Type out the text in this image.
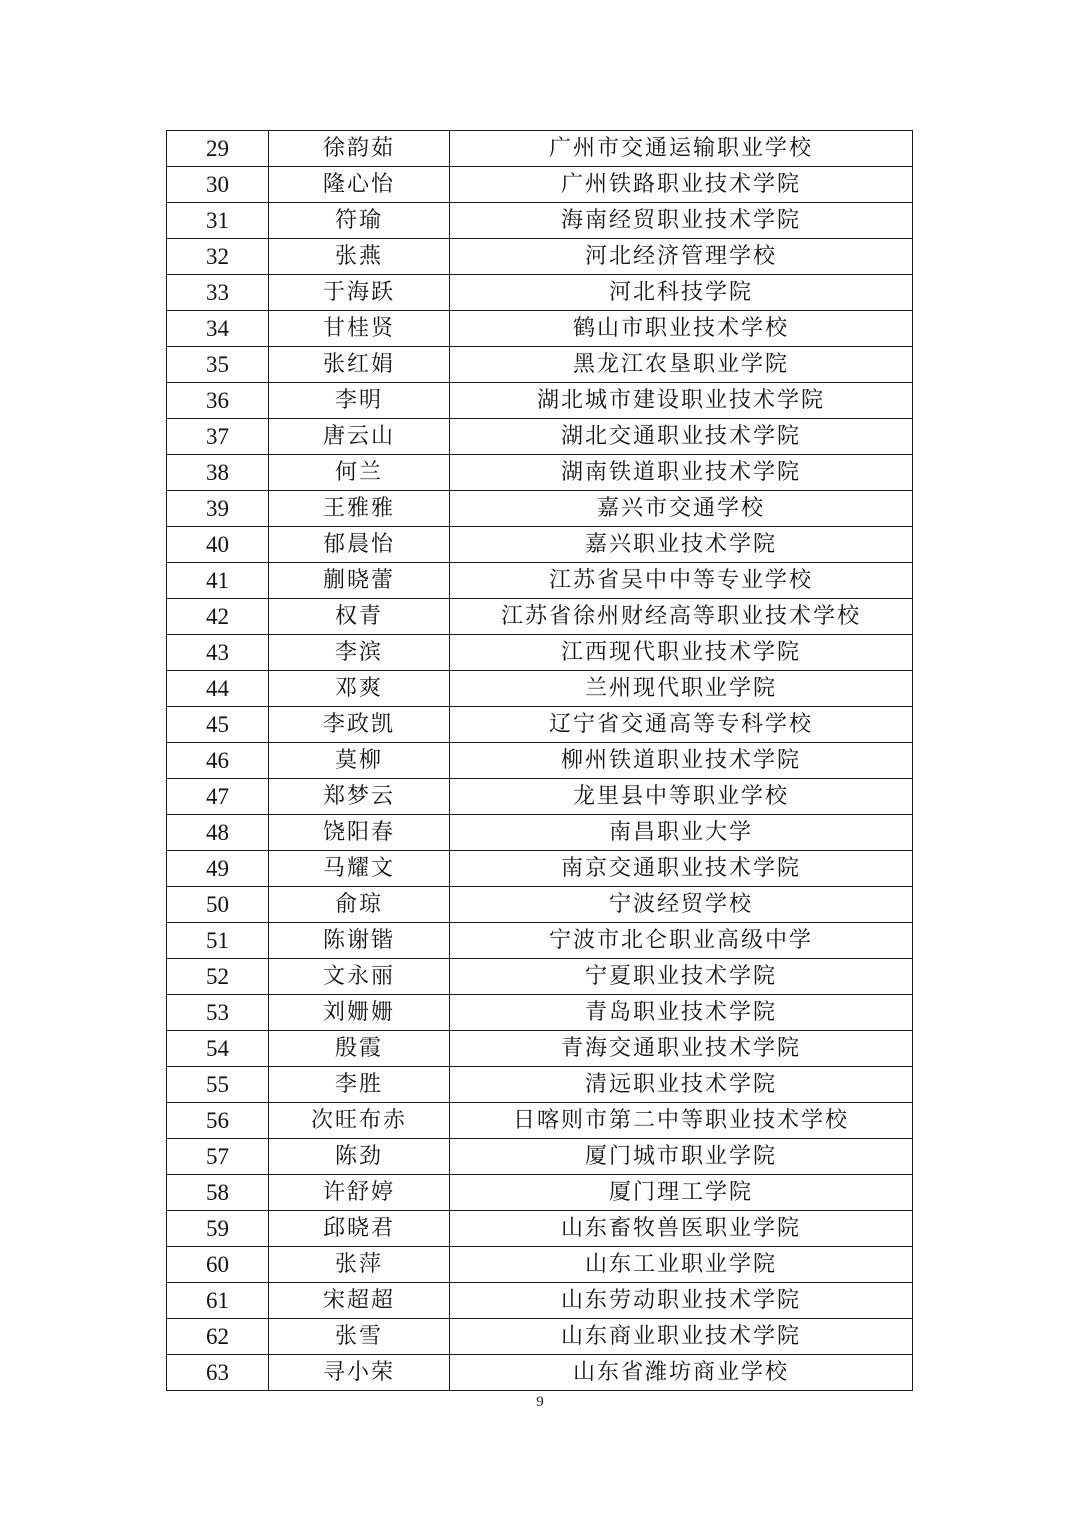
29	徐韵茹	广州市交通运输职业学校
30	隆心怡	广州铁路职业技术学院
31	符瑜	海南经贸职业技术学院
32	张燕	河北经济管理学校
33	于海跃	河北科技学院
34	甘桂贤	鹤山市职业技术学校
35	张红娟	黑龙江农垦职业学院
36	李明	湖北城市建设职业技术学院
37	唐云山	湖北交通职业技术学院
38	何兰	湖南铁道职业技术学院
39	王雅雅	嘉兴市交通学校
40	郁晨怡	嘉兴职业技术学院
41	蒯晓蕾	江苏省吴中中等专业学校
42	权青	江苏省徐州财经高等职业技术学校
43	李滨	江西现代职业技术学院
44	邓爽	兰州现代职业学院
45	李政凯	辽宁省交通高等专科学校
46	莫柳	柳州铁道职业技术学院
47	郑梦云	龙里县中等职业学校
48	饶阳春	南昌职业大学
49	马耀文	南京交通职业技术学院
50	俞琼	宁波经贸学校
51	陈谢锴	宁波市北仑职业高级中学
52	文永丽	宁夏职业技术学院
53	刘姗姗	青岛职业技术学院
54	殷霞	青海交通职业技术学院
55	李胜	清远职业技术学院
56	次旺布赤	日喀则市第二中等职业技术学校
57	陈劲	厦门城市职业学院
58	许舒婷	厦门理工学院
59	邱晓君	山东畜牧兽医职业学院
60	张萍	山东工业职业学院
61	宋超超	山东劳动职业技术学院
62	张雪	山东商业职业技术学院
63	寻小荣	山东省潍坊商业学校
9
